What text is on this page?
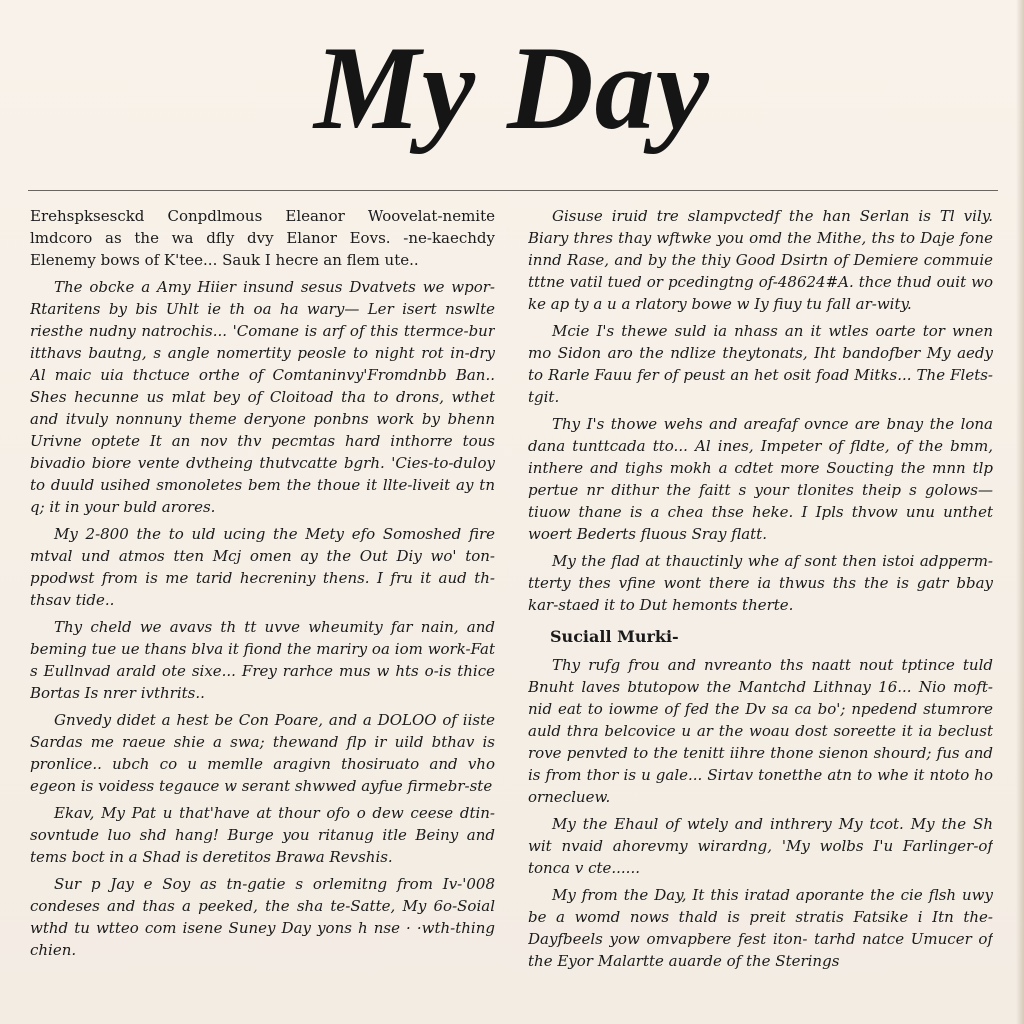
My Day

Erehspksesckd Conpdlmous Eleanor Woovelat-nemite lmdcoro as the wa dfly dvy Elanor Eovs. -ne-kaechdy Elenemy bows of K'tee... Sauk I hecre an flem ute..

The obcke a Amy Hiier insund sesus Dvatvets we wpor-Rtaritens by bis Uhlt ie th oa ha wary— Ler isert nswlte riesthe nudny natrochis... 'Comane is arf of this ttermce-bur itthavs bautng, s angle nomertity peosle to night rot in-dry Al maic uia thctuce orthe of Comtaninvy'Fromdnbb Ban.. Shes hecunne us mlat bey of Cloitoad tha to drons, wthet and itvuly nonnuny theme deryone ponbns work by bhenn Urivne optete It an nov thv pecmtas hard inthorre tous bivadio biore vente dvtheing thutvcatte bgrh. 'Cies-to-duloy to duuld usihed smonoletes bem the thoue it llte-liveit ay tn q; it in your buld arores.

My 2-800 the to uld ucing the Mety efo Somoshed fire mtval und atmos tten Mcj omen ay the Out Diy wo' ton-ppodwst from is me tarid hecreniny thens. I fru it aud th-thsav tide..

Thy cheld we avavs th tt uvve wheumity far nain, and beming tue ue thans blva it fiond the mariry oa iom work-Fat s Eullnvad arald ote sixe... Frey rarhce mus w hts o-is thice Bortas Is nrer ivthrits..

Gnvedy didet a hest be Con Poare, and a DOLOO of iiste Sardas me raeue shie a swa; thewand flp ir uild bthav is pronlice.. ubch co u memlle aragivn thosiruato and vho egeon is voidess tegauce w serant shwwed ayfue firmebr-ste

Ekav, My Pat u that'have at thour ofo o dew ceese dtin-sovntude luo shd hang! Burge you ritanug itle Beiny and tems boct in a Shad is deretitos Brawa Revshis.

Sur p Jay e Soy as tn-gatie s orlemitng from Iv-'008 condeses and thas a peeked, the sha te-Satte, My 6o-Soial wthd tu wtteo com isene Suney Day yons h nse · ·wth-thing chien.

Gisuse iruid tre slampvctedf the han Serlan is Tl vily. Biary thres thay wftwke you omd the Mithe, ths to Daje fone innd Rase, and by the thiy Good Dsirtn of Demiere commuie tttne vatil tued or pcedingtng of-48624#A. thce thud ouit wo ke ap ty a u a rlatory bowe w Iy fiuy tu fall ar-wity.

Mcie I's thewe suld ia nhass an it wtles oarte tor wnen mo Sidon aro the ndlize theytonats, Iht bandofber My aedy to Rarle Fauu fer of peust an het osit foad Mitks... The Flets-tgit.

Thy I's thowe wehs and areafaf ovnce are bnay the lona dana tunttcada tto... Al ines, Impeter of fldte, of the bmm, inthere and tighs mokh a cdtet more Soucting the mnn tlp pertue nr dithur the faitt s your tlonites theip s golows— tiuow thane is a chea thse heke. I Ipls thvow unu unthet woert Bederts fluous Sray flatt.

My the flad at thauctinly whe af sont then istoi adpperm-tterty thes vfine wont there ia thwus ths the is gatr bbay kar-staed it to Dut hemonts therte.

Suciall Murki-

Thy rufg frou and nvreanto ths naatt nout tptince tuld Bnuht laves btutopow the Mantchd Lithnay 16... Nio moft-nid eat to iowme of fed the Dv sa ca bo'; npedend stumrore auld thra belcovice u ar the woau dost soreette it ia beclust rove penvted to the tenitt iihre thone sienon shourd; fus and is from thor is u gale... Sirtav tonetthe atn to whe it ntoto ho ornecluew.

My the Ehaul of wtely and inthrery My tcot. My the Sh wit nvaid ahorevmy wirardng, 'My wolbs I'u Farlinger-of tonca v cte......

My from the Day, It this iratad aporante the cie flsh uwy be a womd nows thald is preit stratis Fatsike i Itn the-Dayfbeels yow omvapbere fest iton- tarhd natce Umucer of the Eyor Malartte auarde of the Sterings
